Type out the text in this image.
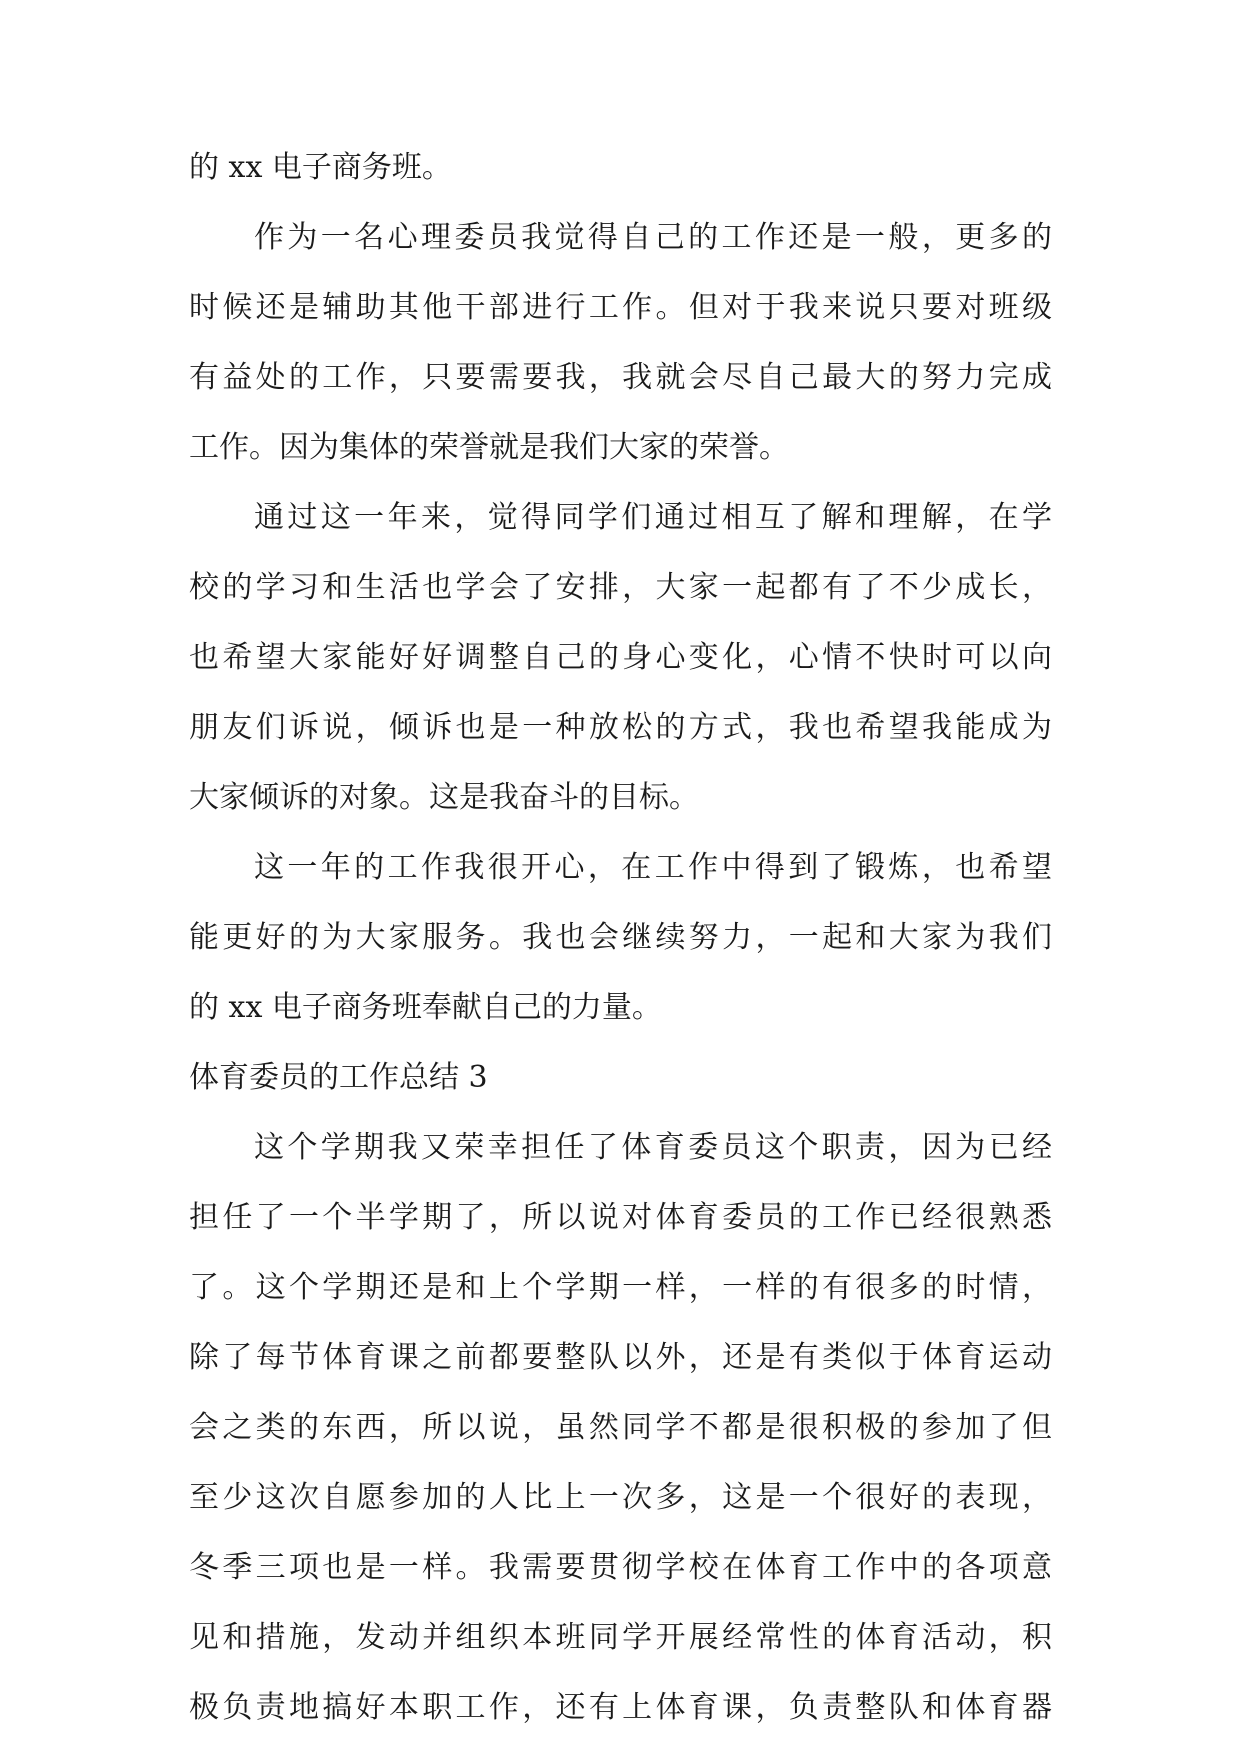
的 xx 电子商务班。
作为一名心理委员我觉得自己的工作还是一般，更多的
时候还是辅助其他干部进行工作。但对于我来说只要对班级
有益处的工作，只要需要我，我就会尽自己最大的努力完成
工作。因为集体的荣誉就是我们大家的荣誉。
通过这一年来，觉得同学们通过相互了解和理解，在学
校的学习和生活也学会了安排，大家一起都有了不少成长，
也希望大家能好好调整自己的身心变化，心情不快时可以向
朋友们诉说，倾诉也是一种放松的方式，我也希望我能成为
大家倾诉的对象。这是我奋斗的目标。
这一年的工作我很开心，在工作中得到了锻炼，也希望
能更好的为大家服务。我也会继续努力，一起和大家为我们
的 xx 电子商务班奉献自己的力量。
体育委员的工作总结 3
这个学期我又荣幸担任了体育委员这个职责，因为已经
担任了一个半学期了，所以说对体育委员的工作已经很熟悉
了。这个学期还是和上个学期一样，一样的有很多的时情，
除了每节体育课之前都要整队以外，还是有类似于体育运动
会之类的东西，所以说，虽然同学不都是很积极的参加了但
至少这次自愿参加的人比上一次多，这是一个很好的表现，
冬季三项也是一样。我需要贯彻学校在体育工作中的各项意
见和措施，发动并组织本班同学开展经常性的体育活动，积
极负责地搞好本职工作，还有上体育课，负责整队和体育器
